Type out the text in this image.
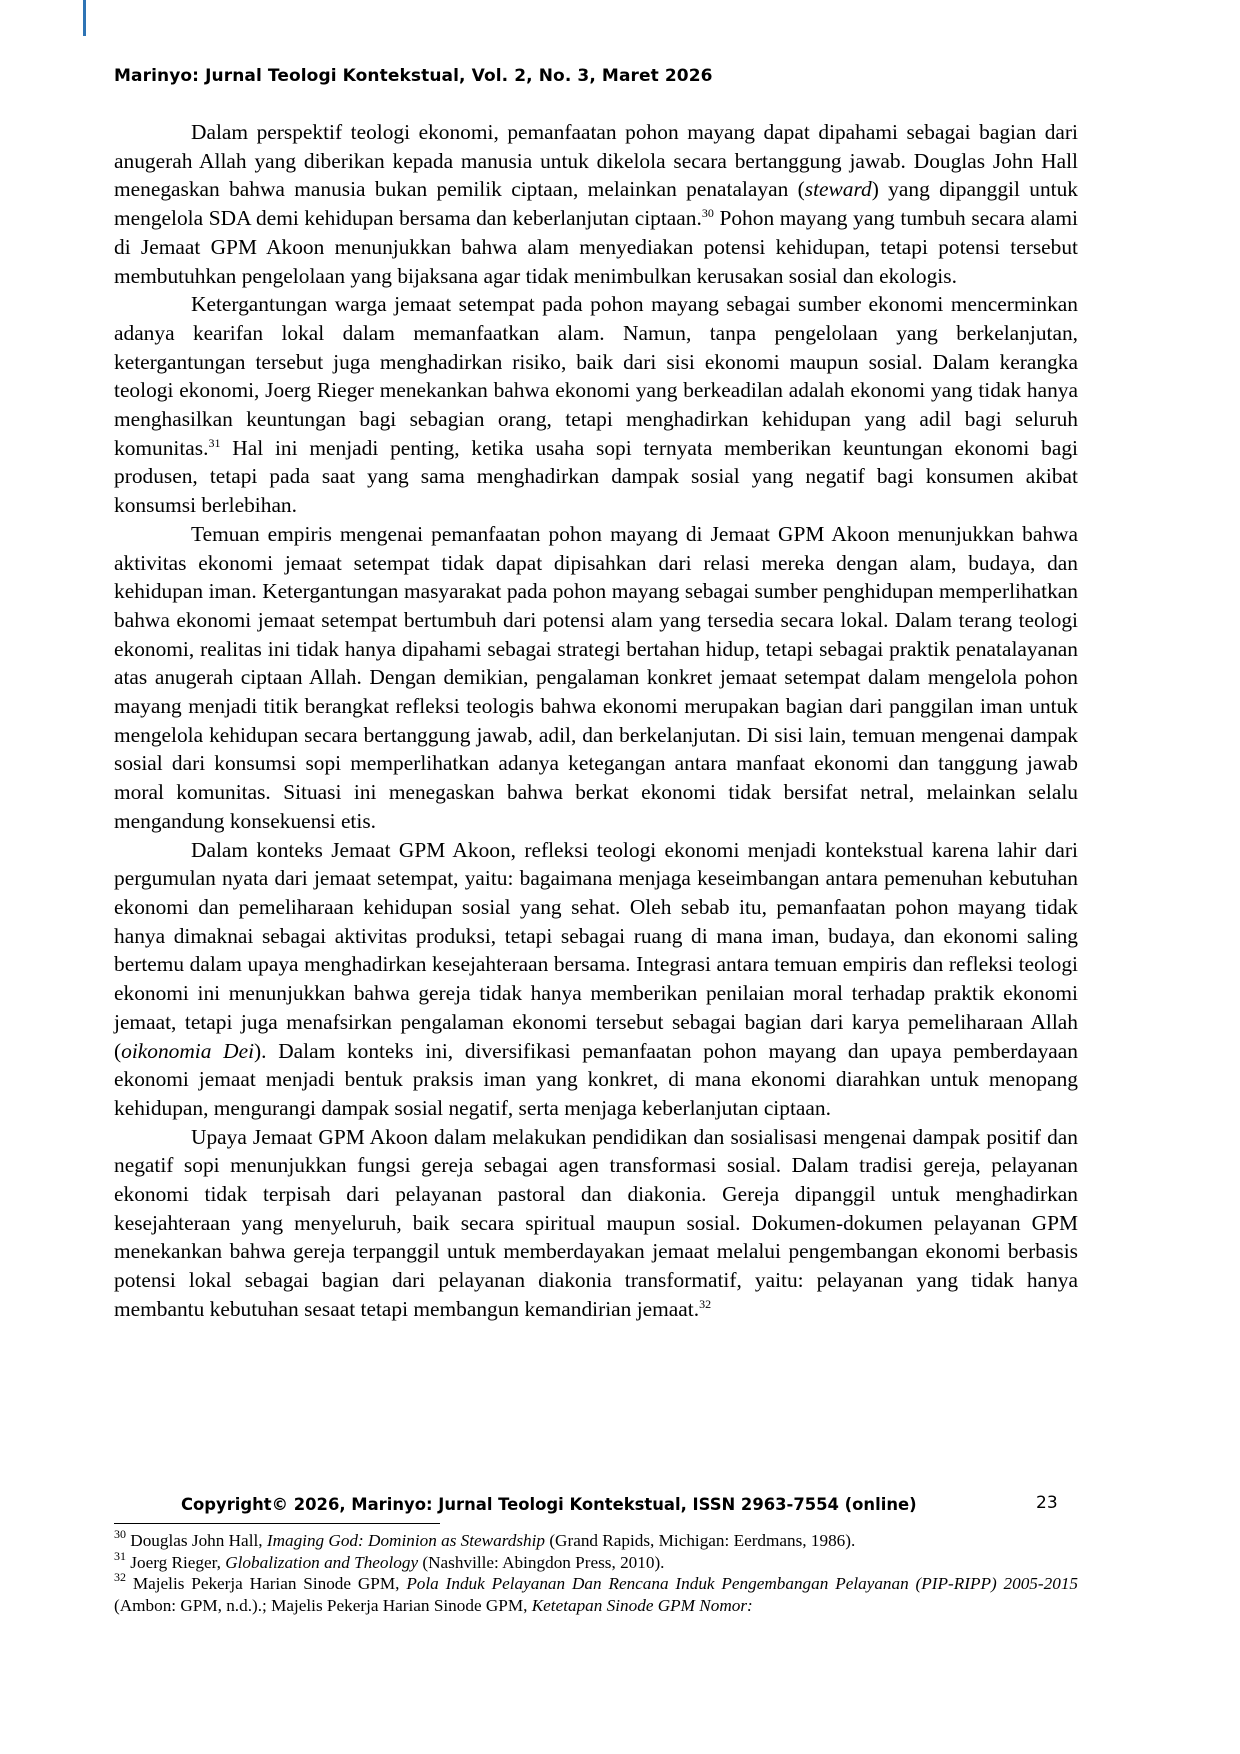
Marinyo: Jurnal Teologi Kontekstual, Vol. 2, No. 3, Maret 2026

Dalam perspektif teologi ekonomi, pemanfaatan pohon mayang dapat dipahami sebagai bagian dari anugerah Allah yang diberikan kepada manusia untuk dikelola secara bertanggung jawab. Douglas John Hall menegaskan bahwa manusia bukan pemilik ciptaan, melainkan penatalayan (steward) yang dipanggil untuk mengelola SDA demi kehidupan bersama dan keberlanjutan ciptaan.$^{30}$ Pohon mayang yang tumbuh secara alami di Jemaat GPM Akoon menunjukkan bahwa alam menyediakan potensi kehidupan, tetapi potensi tersebut membutuhkan pengelolaan yang bijaksana agar tidak menimbulkan kerusakan sosial dan ekologis.

Ketergantungan warga jemaat setempat pada pohon mayang sebagai sumber ekonomi mencerminkan adanya kearifan lokal dalam memanfaatkan alam. Namun, tanpa pengelolaan yang berkelanjutan, ketergantungan tersebut juga menghadirkan risiko, baik dari sisi ekonomi maupun sosial. Dalam kerangka teologi ekonomi, Joerg Rieger menekankan bahwa ekonomi yang berkeadilan adalah ekonomi yang tidak hanya menghasilkan keuntungan bagi sebagian orang, tetapi menghadirkan kehidupan yang adil bagi seluruh komunitas.$^{31}$ Hal ini menjadi penting, ketika usaha sopi ternyata memberikan keuntungan ekonomi bagi produsen, tetapi pada saat yang sama menghadirkan dampak sosial yang negatif bagi konsumen akibat konsumsi berlebihan.

Temuan empiris mengenai pemanfaatan pohon mayang di Jemaat GPM Akoon menunjukkan bahwa aktivitas ekonomi jemaat setempat tidak dapat dipisahkan dari relasi mereka dengan alam, budaya, dan kehidupan iman. Ketergantungan masyarakat pada pohon mayang sebagai sumber penghidupan memperlihatkan bahwa ekonomi jemaat setempat bertumbuh dari potensi alam yang tersedia secara lokal. Dalam terang teologi ekonomi, realitas ini tidak hanya dipahami sebagai strategi bertahan hidup, tetapi sebagai praktik penatalayanan atas anugerah ciptaan Allah. Dengan demikian, pengalaman konkret jemaat setempat dalam mengelola pohon mayang menjadi titik berangkat refleksi teologis bahwa ekonomi merupakan bagian dari panggilan iman untuk mengelola kehidupan secara bertanggung jawab, adil, dan berkelanjutan. Di sisi lain, temuan mengenai dampak sosial dari konsumsi sopi memperlihatkan adanya ketegangan antara manfaat ekonomi dan tanggung jawab moral komunitas. Situasi ini menegaskan bahwa berkat ekonomi tidak bersifat netral, melainkan selalu mengandung konsekuensi etis.

Dalam konteks Jemaat GPM Akoon, refleksi teologi ekonomi menjadi kontekstual karena lahir dari pergumulan nyata dari jemaat setempat, yaitu: bagaimana menjaga keseimbangan antara pemenuhan kebutuhan ekonomi dan pemeliharaan kehidupan sosial yang sehat. Oleh sebab itu, pemanfaatan pohon mayang tidak hanya dimaknai sebagai aktivitas produksi, tetapi sebagai ruang di mana iman, budaya, dan ekonomi saling bertemu dalam upaya menghadirkan kesejahteraan bersama. Integrasi antara temuan empiris dan refleksi teologi ekonomi ini menunjukkan bahwa gereja tidak hanya memberikan penilaian moral terhadap praktik ekonomi jemaat, tetapi juga menafsirkan pengalaman ekonomi tersebut sebagai bagian dari karya pemeliharaan Allah (oikonomia Dei). Dalam konteks ini, diversifikasi pemanfaatan pohon mayang dan upaya pemberdayaan ekonomi jemaat menjadi bentuk praksis iman yang konkret, di mana ekonomi diarahkan untuk menopang kehidupan, mengurangi dampak sosial negatif, serta menjaga keberlanjutan ciptaan.

Upaya Jemaat GPM Akoon dalam melakukan pendidikan dan sosialisasi mengenai dampak positif dan negatif sopi menunjukkan fungsi gereja sebagai agen transformasi sosial. Dalam tradisi gereja, pelayanan ekonomi tidak terpisah dari pelayanan pastoral dan diakonia. Gereja dipanggil untuk menghadirkan kesejahteraan yang menyeluruh, baik secara spiritual maupun sosial. Dokumen-dokumen pelayanan GPM menekankan bahwa gereja terpanggil untuk memberdayakan jemaat melalui pengembangan ekonomi berbasis potensi lokal sebagai bagian dari pelayanan diakonia transformatif, yaitu: pelayanan yang tidak hanya membantu kebutuhan sesaat tetapi membangun kemandirian jemaat.$^{32}$

Copyright© 2026, Marinyo: Jurnal Teologi Kontekstual, ISSN 2963-7554 (online)	23

$^{30}$ Douglas John Hall, Imaging God: Dominion as Stewardship (Grand Rapids, Michigan: Eerdmans, 1986).

$^{31}$ Joerg Rieger, Globalization and Theology (Nashville: Abingdon Press, 2010).

$^{32}$ Majelis Pekerja Harian Sinode GPM, Pola Induk Pelayanan Dan Rencana Induk Pengembangan Pelayanan (PIP-RIPP) 2005-2015 (Ambon: GPM, n.d.).; Majelis Pekerja Harian Sinode GPM, Ketetapan Sinode GPM Nomor:
